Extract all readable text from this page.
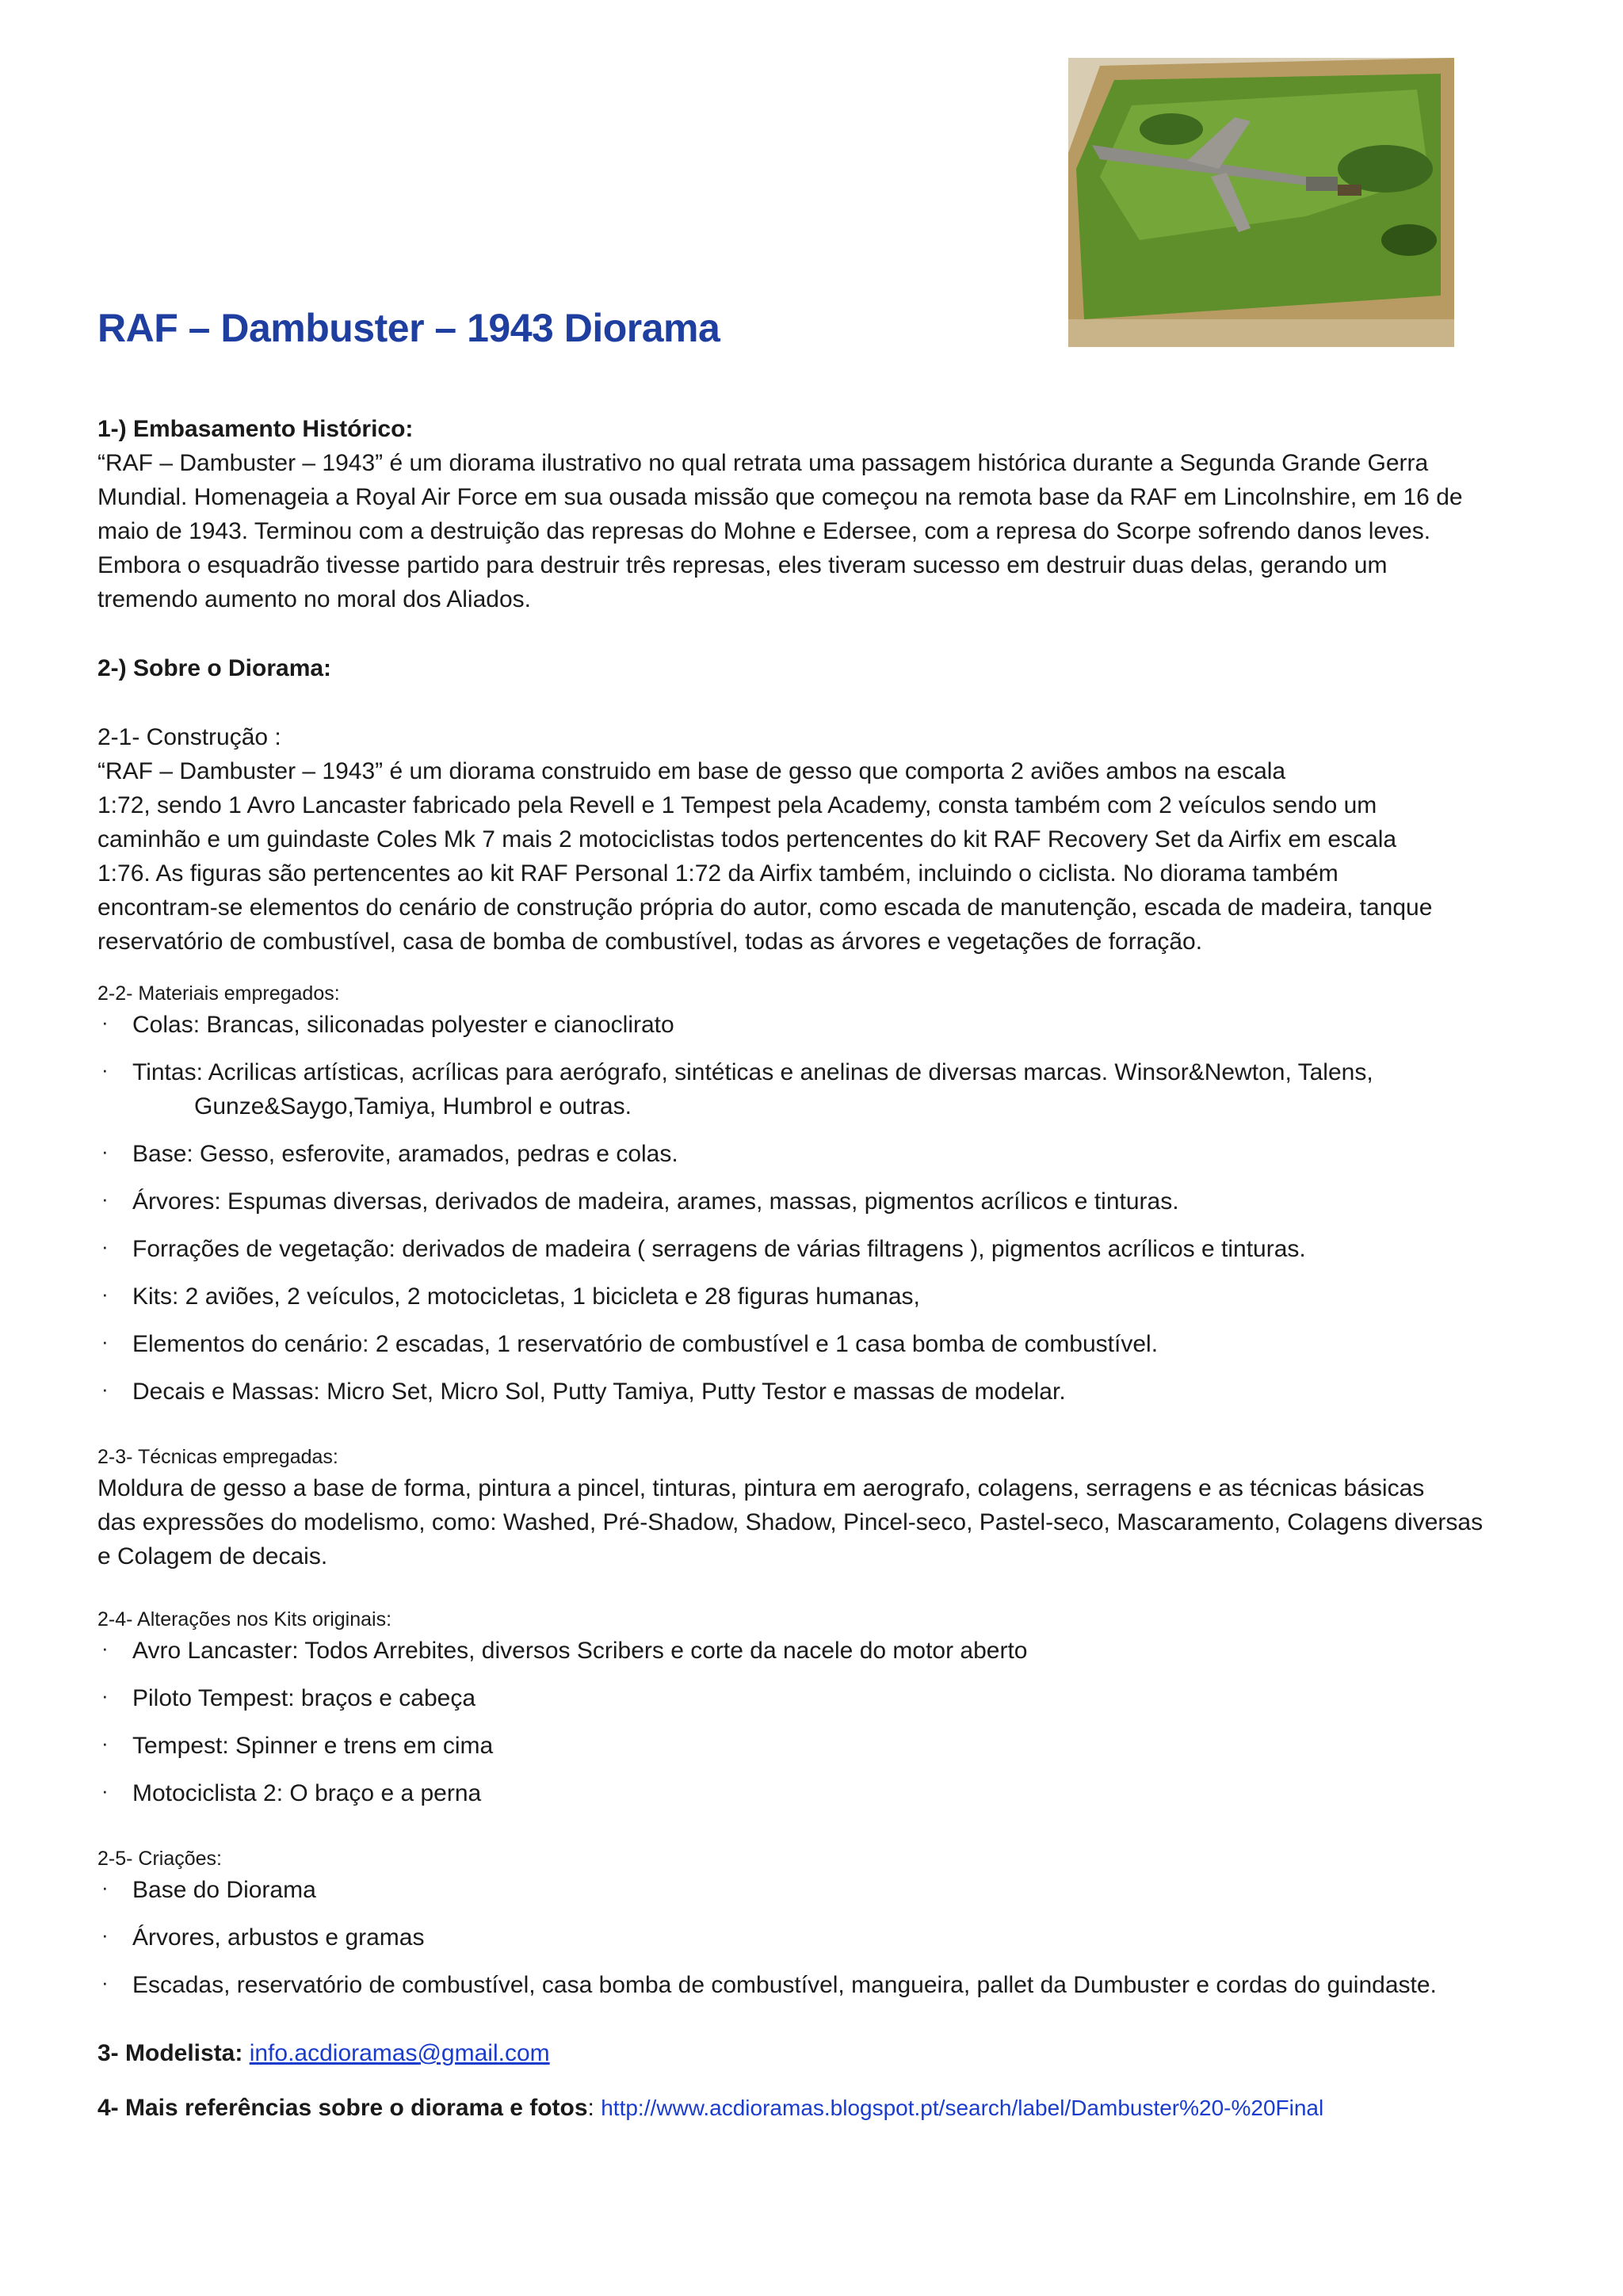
RAF – Dambuster – 1943 Diorama

1-) Embasamento Histórico:

“RAF – Dambuster – 1943” é um diorama ilustrativo no qual retrata uma passagem histórica durante a Segunda Grande Gerra

Mundial. Homenageia a Royal Air Force em sua ousada missão que começou na remota base da RAF em Lincolnshire, em 16 de

maio de 1943. Terminou com a destruição das represas do Mohne e Edersee, com a represa do Scorpe sofrendo danos leves.

Embora o esquadrão tivesse partido para destruir três represas, eles tiveram sucesso em destruir duas delas, gerando um

tremendo aumento no moral dos Aliados.

2-) Sobre o Diorama:

2-1- Construção :

“RAF – Dambuster – 1943” é um diorama construido em base de gesso que comporta 2 aviões ambos na escala

1:72, sendo 1 Avro Lancaster fabricado pela Revell e 1 Tempest pela Academy, consta também com 2 veículos sendo um

caminhão e um guindaste Coles Mk 7 mais 2 motociclistas todos pertencentes do kit RAF Recovery Set da Airfix em escala

1:76. As figuras são pertencentes ao kit RAF Personal 1:72 da Airfix também, incluindo o ciclista. No diorama também

encontram-se elementos do cenário de construção própria do autor, como escada de manutenção, escada de madeira, tanque

reservatório de combustível, casa de bomba de combustível, todas as árvores e vegetações de forração.

2-2- Materiais empregados:

· Colas: Brancas, siliconadas polyester e cianoclirato
· Tintas: Acrilicas artísticas, acrílicas para aerógrafo, sintéticas e anelinas de diversas marcas. Winsor&Newton, Talens,
Gunze&Saygo,Tamiya, Humbrol e outras.
· Base: Gesso, esferovite, aramados, pedras e colas.
· Árvores: Espumas diversas, derivados de madeira, arames, massas, pigmentos acrílicos e tinturas.
· Forrações de vegetação: derivados de madeira ( serragens de várias filtragens ), pigmentos acrílicos e tinturas.
· Kits: 2 aviões, 2 veículos, 2 motocicletas, 1 bicicleta e 28 figuras humanas,
· Elementos do cenário: 2 escadas, 1 reservatório de combustível e 1 casa bomba de combustível.
· Decais e Massas: Micro Set, Micro Sol, Putty Tamiya, Putty Testor e massas de modelar.

2-3- Técnicas empregadas:

Moldura de gesso a base de forma, pintura a pincel, tinturas, pintura em aerografo, colagens, serragens e as técnicas básicas

das expressões do modelismo, como: Washed, Pré-Shadow, Shadow, Pincel-seco, Pastel-seco, Mascaramento, Colagens diversas

e Colagem de decais.

2-4- Alterações nos Kits originais:

· Avro Lancaster: Todos Arrebites, diversos Scribers e corte da nacele do motor aberto
· Piloto Tempest: braços e cabeça
· Tempest: Spinner e trens em cima
· Motociclista 2: O braço e a perna

2-5- Criações:

· Base do Diorama
· Árvores, arbustos e gramas
· Escadas, reservatório de combustível, casa bomba de combustível, mangueira, pallet da Dumbuster e cordas do guindaste.

3- Modelista: info.acdioramas@gmail.com

4- Mais referências sobre o diorama e fotos: http://www.acdioramas.blogspot.pt/search/label/Dambuster%20-%20Final
